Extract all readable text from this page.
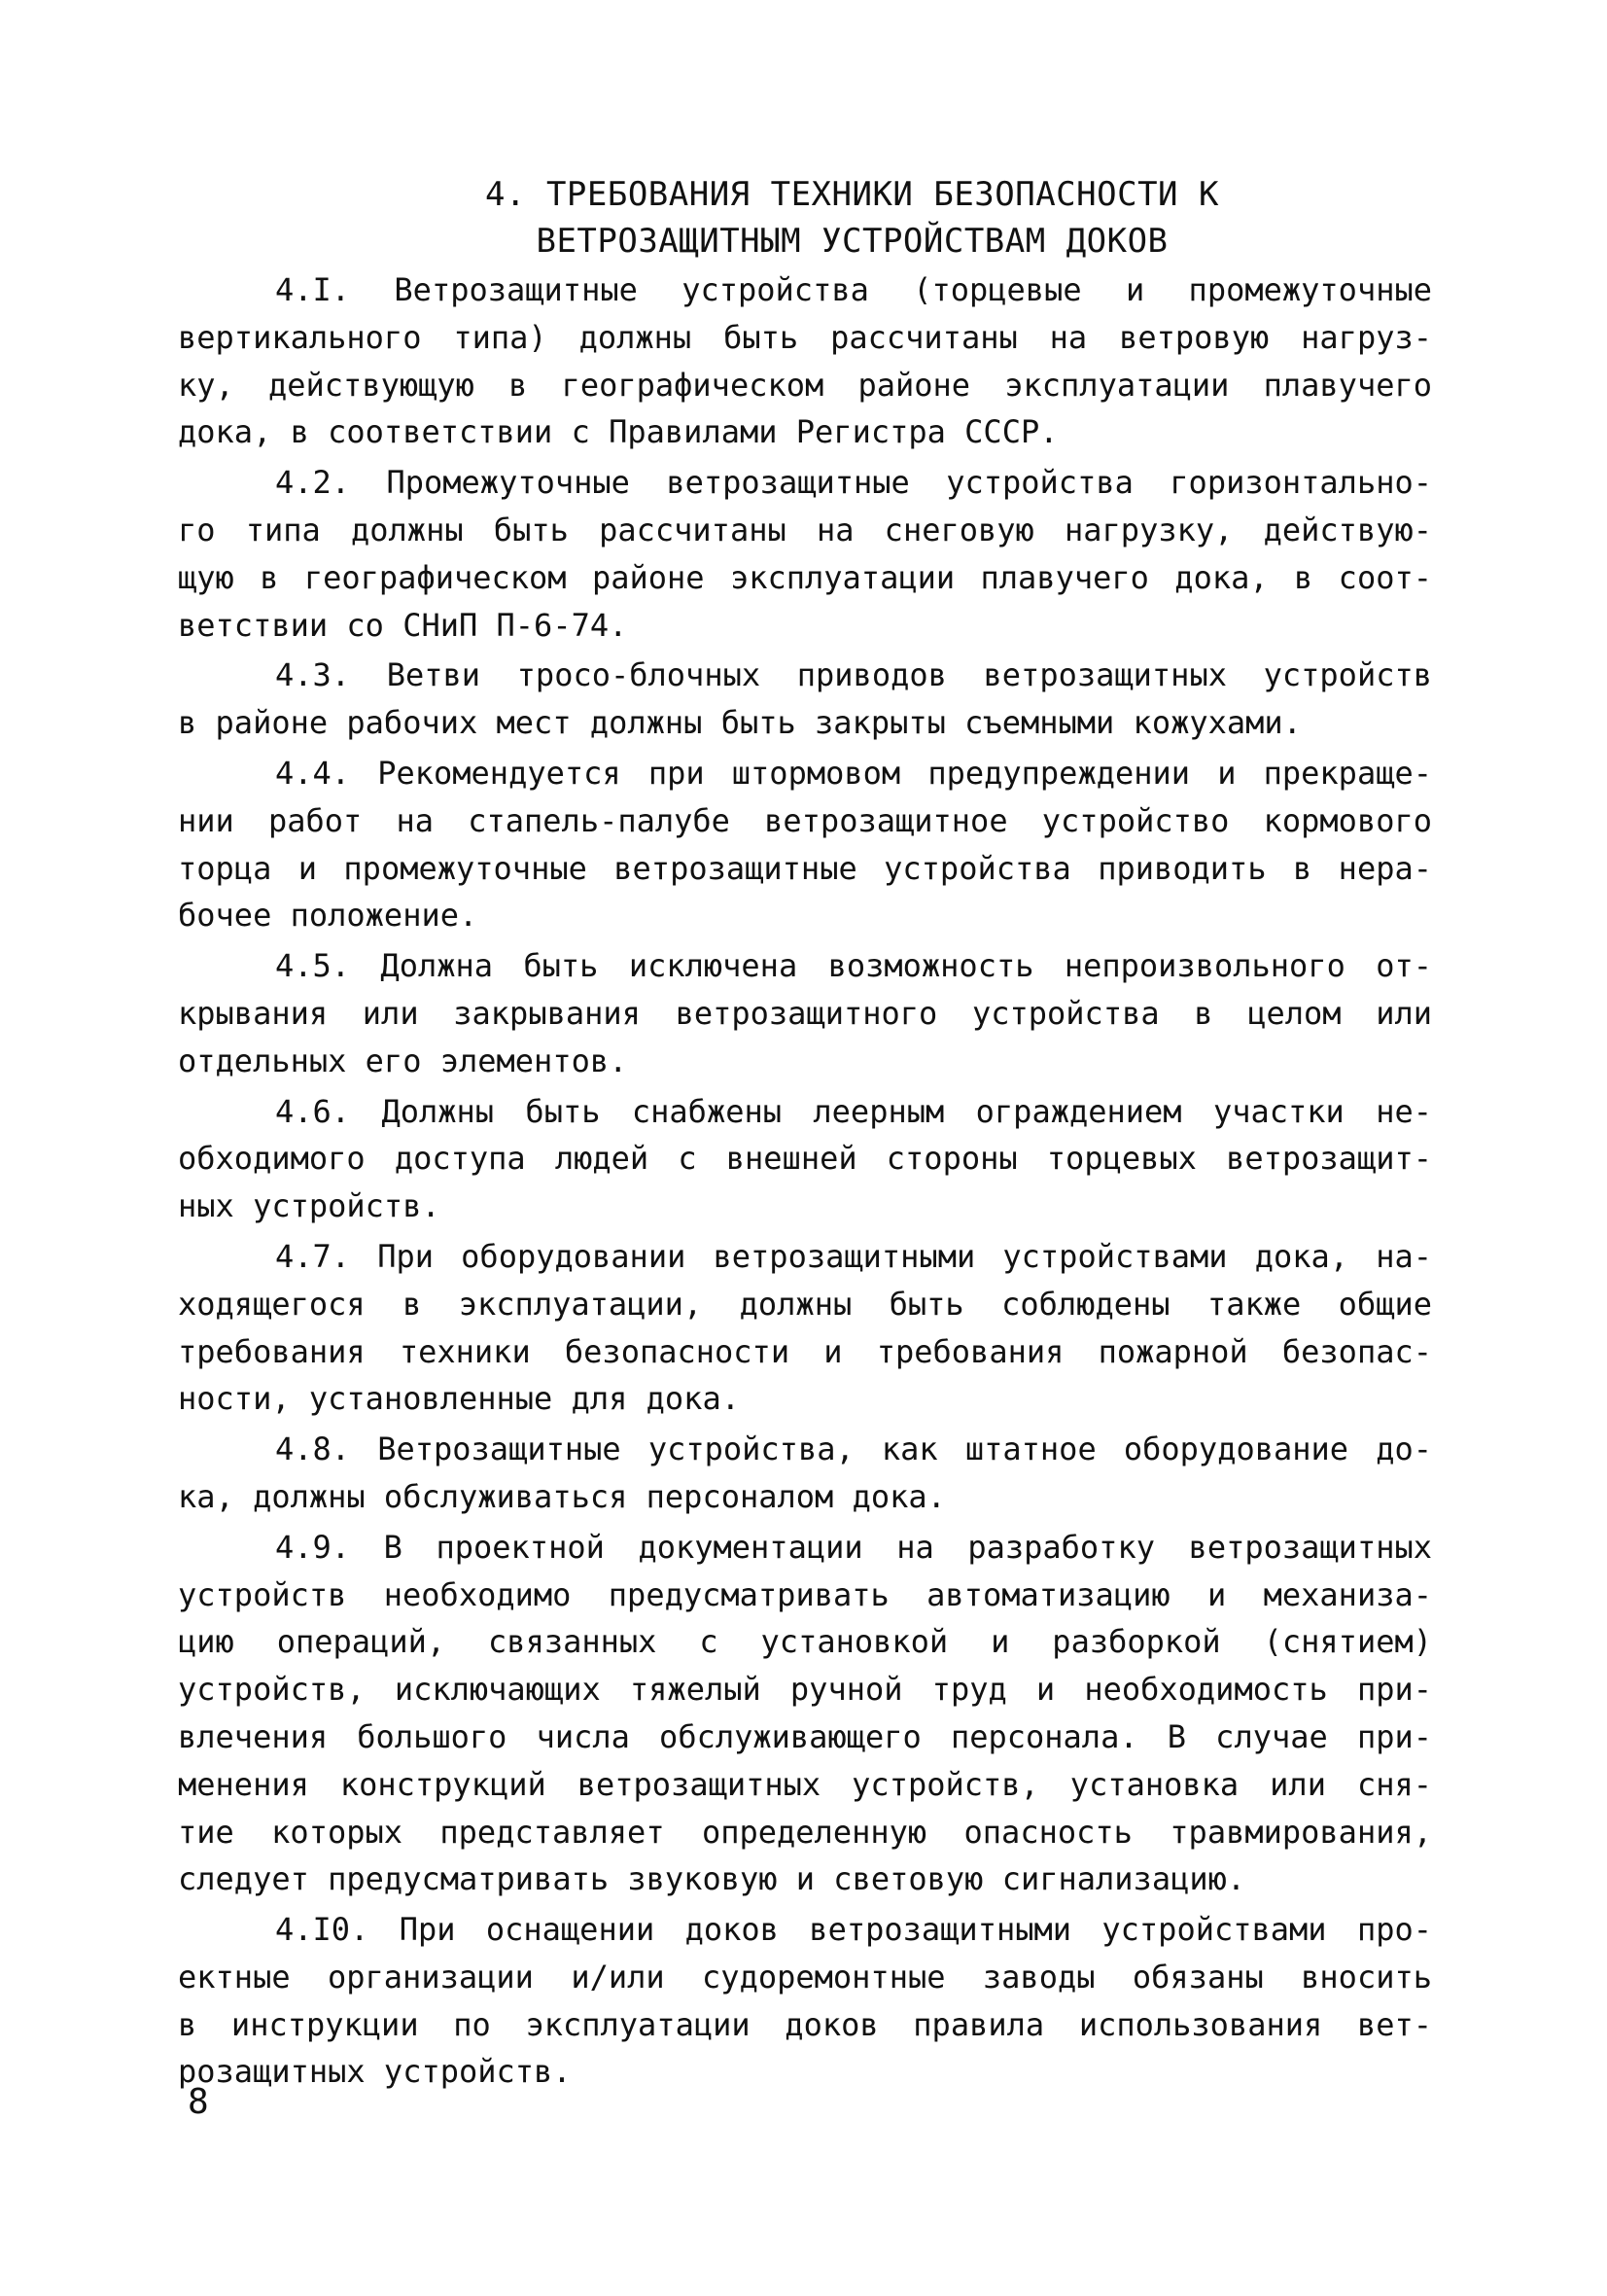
4. ТРЕБОВАНИЯ ТЕХНИКИ БЕЗОПАСНОСТИ К
ВЕТРОЗАЩИТНЫМ УСТРОЙСТВАМ ДОКОВ
4.I. Ветрозащитные устройства (торцевые и промежуточные
вертикального типа) должны быть рассчитаны на ветровую нагруз-
ку, действующую в географическом районе эксплуатации плавучего
дока, в соответствии с Правилами Регистра СССР.
4.2. Промежуточные ветрозащитные устройства горизонтально-
го типа должны быть рассчитаны на снеговую нагрузку, действую-
щую в географическом районе эксплуатации плавучего дока, в соот-
ветствии со СНиП П-6-74.
4.3. Ветви тросо-блочных приводов ветрозащитных устройств
в районе рабочих мест должны быть закрыты съемными кожухами.
4.4. Рекомендуется при штормовом предупреждении и прекраще-
нии работ на стапель-палубе ветрозащитное устройство кормового
торца и промежуточные ветрозащитные устройства приводить в нера-
бочее положение.
4.5. Должна быть исключена возможность непроизвольного от-
крывания или закрывания ветрозащитного устройства в целом или
отдельных его элементов.
4.6. Должны быть снабжены леерным ограждением участки не-
обходимого доступа людей с внешней стороны торцевых ветрозащит-
ных устройств.
4.7. При оборудовании ветрозащитными устройствами дока, на-
ходящегося в эксплуатации, должны быть соблюдены также общие
требования техники безопасности и требования пожарной безопас-
ности, установленные для дока.
4.8. Ветрозащитные устройства, как штатное оборудование до-
ка, должны обслуживаться персоналом дока.
4.9. В проектной документации на разработку ветрозащитных
устройств необходимо предусматривать автоматизацию и механиза-
цию операций, связанных с установкой и разборкой (снятием)
устройств, исключающих тяжелый ручной труд и необходимость при-
влечения большого числа обслуживающего персонала. В случае при-
менения конструкций ветрозащитных устройств, установка или сня-
тие которых представляет определенную опасность травмирования,
следует предусматривать звуковую и световую сигнализацию.
4.I0. При оснащении доков ветрозащитными устройствами про-
ектные организации и/или судоремонтные заводы обязаны вносить
в инструкции по эксплуатации доков правила использования вет-
розащитных устройств.
8
